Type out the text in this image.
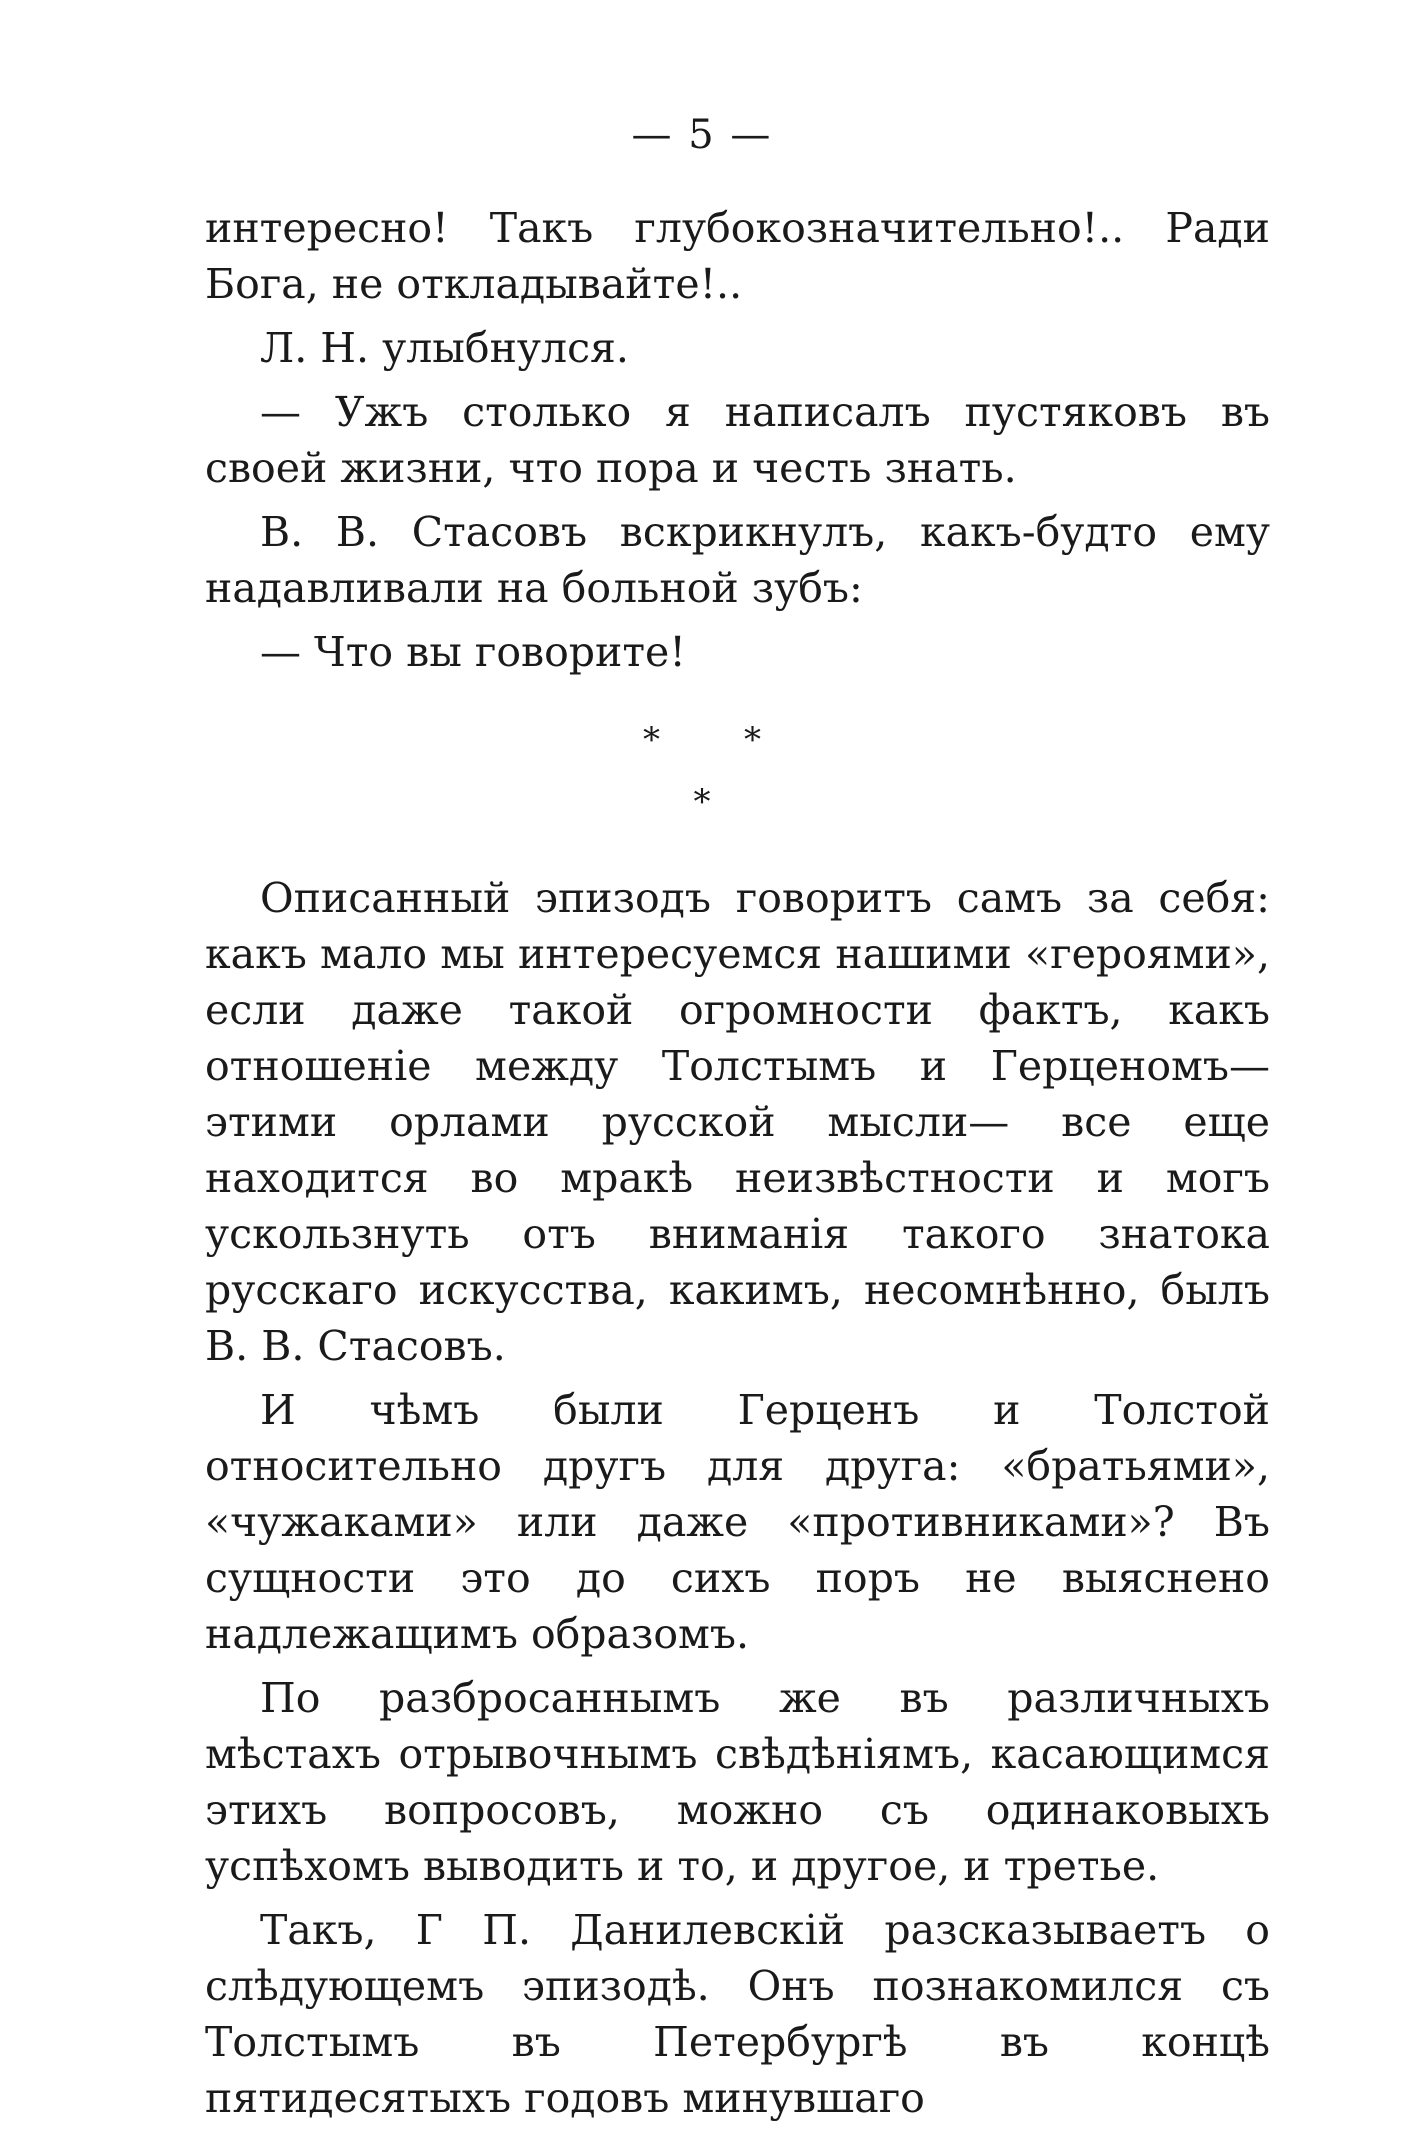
— 5 —

интересно! Такъ глубокозначительно!.. Ради Бога, не откладывайте!..

Л. Н. улыбнулся.

— Ужъ столько я написалъ пустяковъ въ своей жизни, что пора и честь знать.

В. В. Стасовъ вскрикнулъ, какъ-будто ему надавливали на больной зубъ:

— Что вы говорите!

* *
*

Описанный эпизодъ говоритъ самъ за себя: какъ мало мы интересуемся нашими «героями», если даже такой огромности фактъ, какъ отношеніе между Толстымъ и Герценомъ—этими орлами русской мысли— все еще находится во мракѣ неизвѣстности и могъ ускользнуть отъ вниманія такого знатока русскаго искусства, какимъ, несомнѣнно, былъ В. В. Стасовъ.

И чѣмъ были Герценъ и Толстой относительно другъ для друга: «братьями», «чужаками» или даже «противниками»? Въ сущности это до сихъ поръ не выяснено надлежащимъ образомъ.

По разбросаннымъ же въ различныхъ мѣстахъ отрывочнымъ свѣдѣніямъ, касающимся этихъ вопросовъ, можно съ одинаковыхъ успѣхомъ выводить и то, и другое, и третье.

Такъ, Г П. Данилевскій разсказываетъ о слѣдующемъ эпизодѣ. Онъ познакомился съ Толстымъ въ Петербургѣ въ концѣ пятидесятыхъ годовъ минувшаго
